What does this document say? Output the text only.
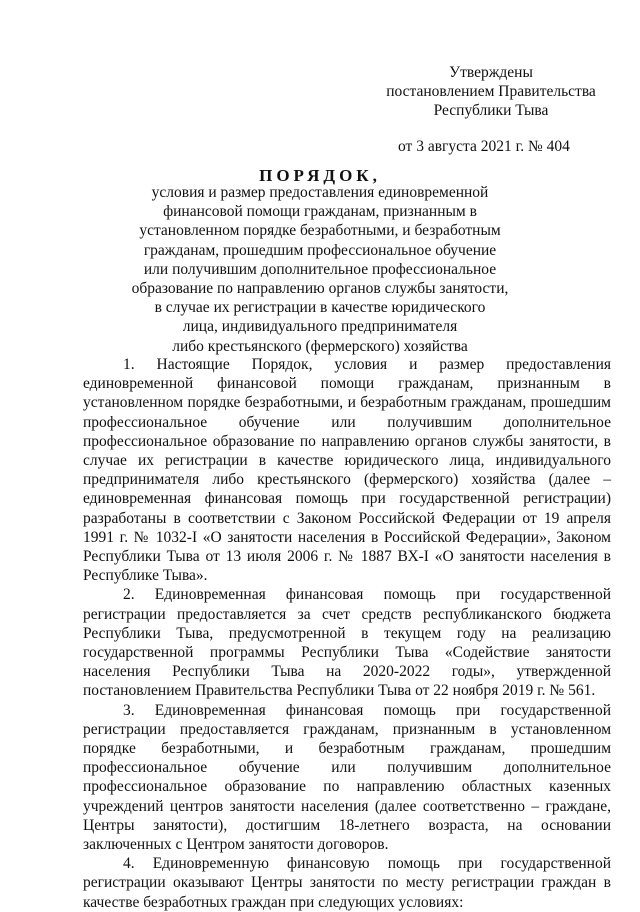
Утверждены
постановлением Правительства
Республики Тыва
от 3 августа 2021 г. № 404
ПОРЯДОК,
условия и размер предоставления единовременной
финансовой помощи гражданам, признанным в
установленном порядке безработными, и безработным
гражданам, прошедшим профессиональное обучение
или получившим дополнительное профессиональное
образование по направлению органов службы занятости,
в случае их регистрации в качестве юридического
лица, индивидуального предпринимателя
либо крестьянского (фермерского) хозяйства

1. Настоящие Порядок, условия и размер предоставления единовременной финансовой помощи гражданам, признанным в установленном порядке безработными, и безработным гражданам, прошедшим профессиональное обучение или получившим дополнительное профессиональное образование по направлению органов службы занятости, в случае их регистрации в качестве юридического лица, индивидуального предпринимателя либо крестьянского (фермерского) хозяйства (далее – единовременная финансовая помощь при государственной регистрации) разработаны в соответствии с Законом Российской Федерации от 19 апреля 1991 г. № 1032-I «О занятости населения в Российской Федерации», Законом Республики Тыва от 13 июля 2006 г. № 1887 ВХ-I «О занятости населения в Республике Тыва».

2. Единовременная финансовая помощь при государственной регистрации предоставляется за счет средств республиканского бюджета Республики Тыва, предусмотренной в текущем году на реализацию государственной программы Республики Тыва «Содействие занятости населения Республики Тыва на 2020-2022 годы», утвержденной постановлением Правительства Республики Тыва от 22 ноября 2019 г. № 561.

3. Единовременная финансовая помощь при государственной регистрации предоставляется гражданам, признанным в установленном порядке безработными, и безработным гражданам, прошедшим профессиональное обучение или получившим дополнительное профессиональное образование по направлению областных казенных учреждений центров занятости населения (далее соответственно – граждане, Центры занятости), достигшим 18-летнего возраста, на основании заключенных с Центром занятости договоров.

4. Единовременную финансовую помощь при государственной регистрации оказывают Центры занятости по месту регистрации граждан в качестве безработных граждан при следующих условиях:
